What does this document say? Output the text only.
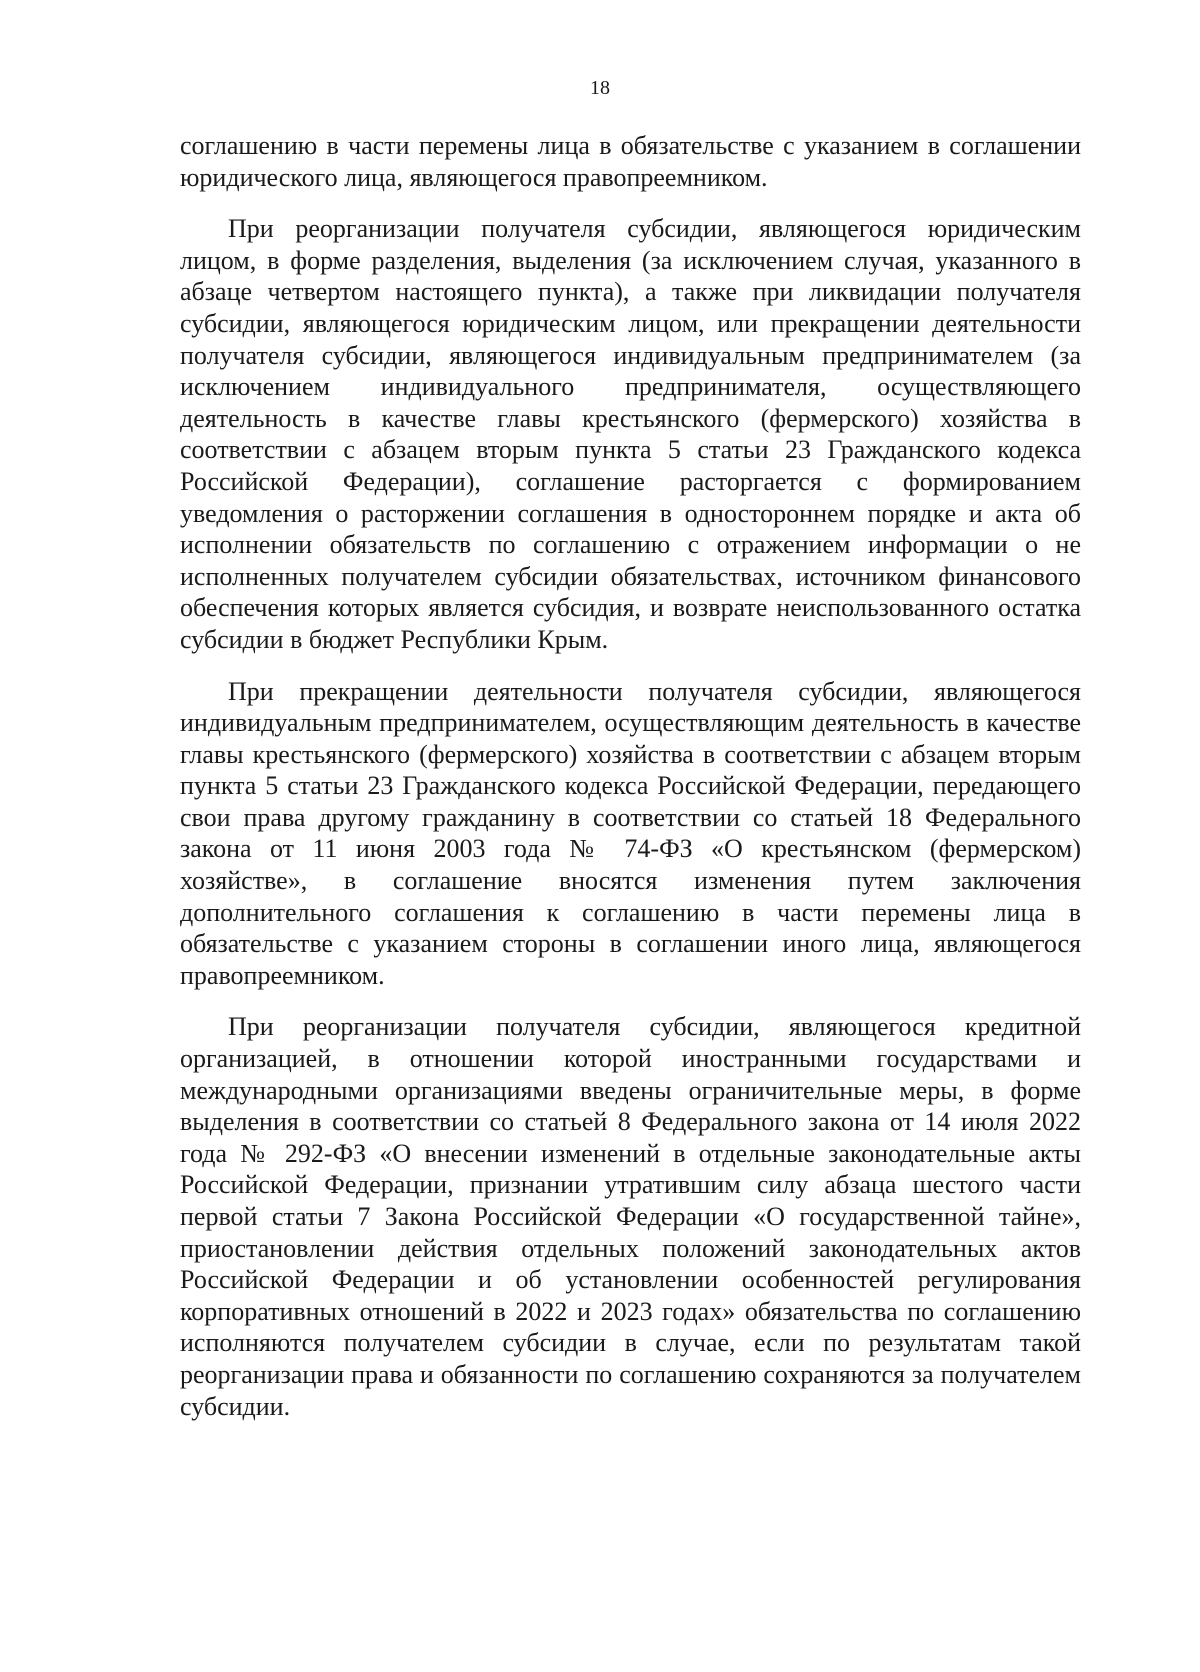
18

соглашению в части перемены лица в обязательстве с указанием в соглашении юридического лица, являющегося правопреемником.

При реорганизации получателя субсидии, являющегося юридическим лицом, в форме разделения, выделения (за исключением случая, указанного в абзаце четвертом настоящего пункта), а также при ликвидации получателя субсидии, являющегося юридическим лицом, или прекращении деятельности получателя субсидии, являющегося индивидуальным предпринимателем (за исключением индивидуального предпринимателя, осуществляющего деятельность в качестве главы крестьянского (фермерского) хозяйства в соответствии с абзацем вторым пункта 5 статьи 23 Гражданского кодекса Российской Федерации), соглашение расторгается с формированием уведомления о расторжении соглашения в одностороннем порядке и акта об исполнении обязательств по соглашению с отражением информации о не исполненных получателем субсидии обязательствах, источником финансового обеспечения которых является субсидия, и возврате неиспользованного остатка субсидии в бюджет Республики Крым.

При прекращении деятельности получателя субсидии, являющегося индивидуальным предпринимателем, осуществляющим деятельность в качестве главы крестьянского (фермерского) хозяйства в соответствии с абзацем вторым пункта 5 статьи 23 Гражданского кодекса Российской Федерации, передающего свои права другому гражданину в соответствии со статьей 18 Федерального закона от 11 июня 2003 года № 74-ФЗ «О крестьянском (фермерском) хозяйстве», в соглашение вносятся изменения путем заключения дополнительного соглашения к соглашению в части перемены лица в обязательстве с указанием стороны в соглашении иного лица, являющегося правопреемником.

При реорганизации получателя субсидии, являющегося кредитной организацией, в отношении которой иностранными государствами и международными организациями введены ограничительные меры, в форме выделения в соответствии со статьей 8 Федерального закона от 14 июля 2022 года № 292-ФЗ «О внесении изменений в отдельные законодательные акты Российской Федерации, признании утратившим силу абзаца шестого части первой статьи 7 Закона Российской Федерации «О государственной тайне», приостановлении действия отдельных положений законодательных актов Российской Федерации и об установлении особенностей регулирования корпоративных отношений в 2022 и 2023 годах» обязательства по соглашению исполняются получателем субсидии в случае, если по результатам такой реорганизации права и обязанности по соглашению сохраняются за получателем субсидии.
